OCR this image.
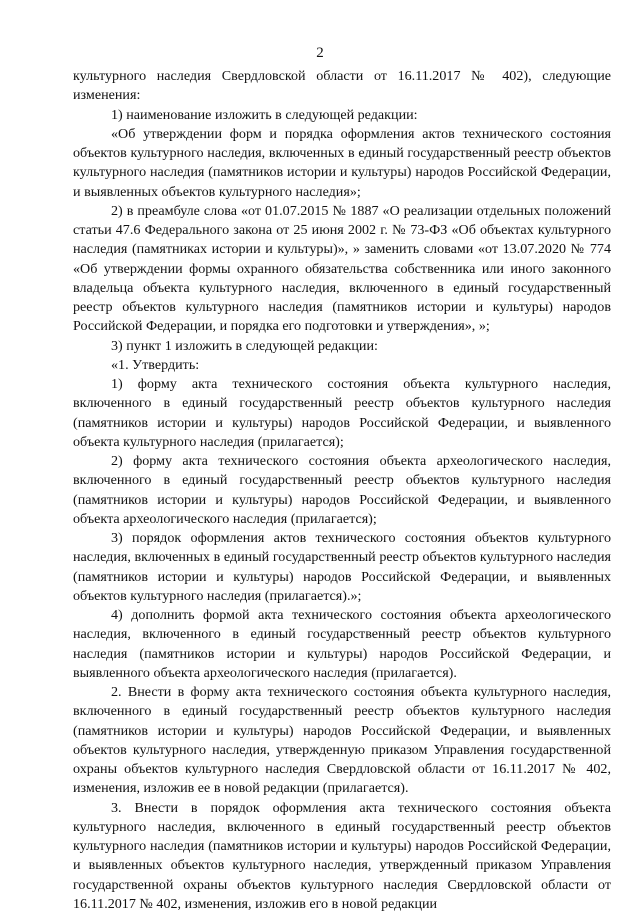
2

культурного наследия Свердловской области от 16.11.2017 № 402), следующие изменения:

1) наименование изложить в следующей редакции:

«Об утверждении форм и порядка оформления актов технического состояния объектов культурного наследия, включенных в единый государственный реестр объектов культурного наследия (памятников истории и культуры) народов Российской Федерации, и выявленных объектов культурного наследия»;

2) в преамбуле слова «от 01.07.2015 № 1887 «О реализации отдельных положений статьи 47.6 Федерального закона от 25 июня 2002 г. № 73-ФЗ «Об объектах культурного наследия (памятниках истории и культуры)», » заменить словами «от 13.07.2020 № 774 «Об утверждении формы охранного обязательства собственника или иного законного владельца объекта культурного наследия, включенного в единый государственный реестр объектов культурного наследия (памятников истории и культуры) народов Российской Федерации, и порядка его подготовки и утверждения», »;

3) пункт 1 изложить в следующей редакции:

«1. Утвердить:

1) форму акта технического состояния объекта культурного наследия, включенного в единый государственный реестр объектов культурного наследия (памятников истории и культуры) народов Российской Федерации, и выявленного объекта культурного наследия (прилагается);

2) форму акта технического состояния объекта археологического наследия, включенного в единый государственный реестр объектов культурного наследия (памятников истории и культуры) народов Российской Федерации, и выявленного объекта археологического наследия (прилагается);

3) порядок оформления актов технического состояния объектов культурного наследия, включенных в единый государственный реестр объектов культурного наследия (памятников истории и культуры) народов Российской Федерации, и выявленных объектов культурного наследия (прилагается).»;

4) дополнить формой акта технического состояния объекта археологического наследия, включенного в единый государственный реестр объектов культурного наследия (памятников истории и культуры) народов Российской Федерации, и выявленного объекта археологического наследия (прилагается).

2. Внести в форму акта технического состояния объекта культурного наследия, включенного в единый государственный реестр объектов культурного наследия (памятников истории и культуры) народов Российской Федерации, и выявленных объектов культурного наследия, утвержденную приказом Управления государственной охраны объектов культурного наследия Свердловской области от 16.11.2017 № 402, изменения, изложив ее в новой редакции (прилагается).

3. Внести в порядок оформления акта технического состояния объекта культурного наследия, включенного в единый государственный реестр объектов культурного наследия (памятников истории и культуры) народов Российской Федерации, и выявленных объектов культурного наследия, утвержденный приказом Управления государственной охраны объектов культурного наследия Свердловской области от 16.11.2017 № 402, изменения, изложив его в новой редакции
